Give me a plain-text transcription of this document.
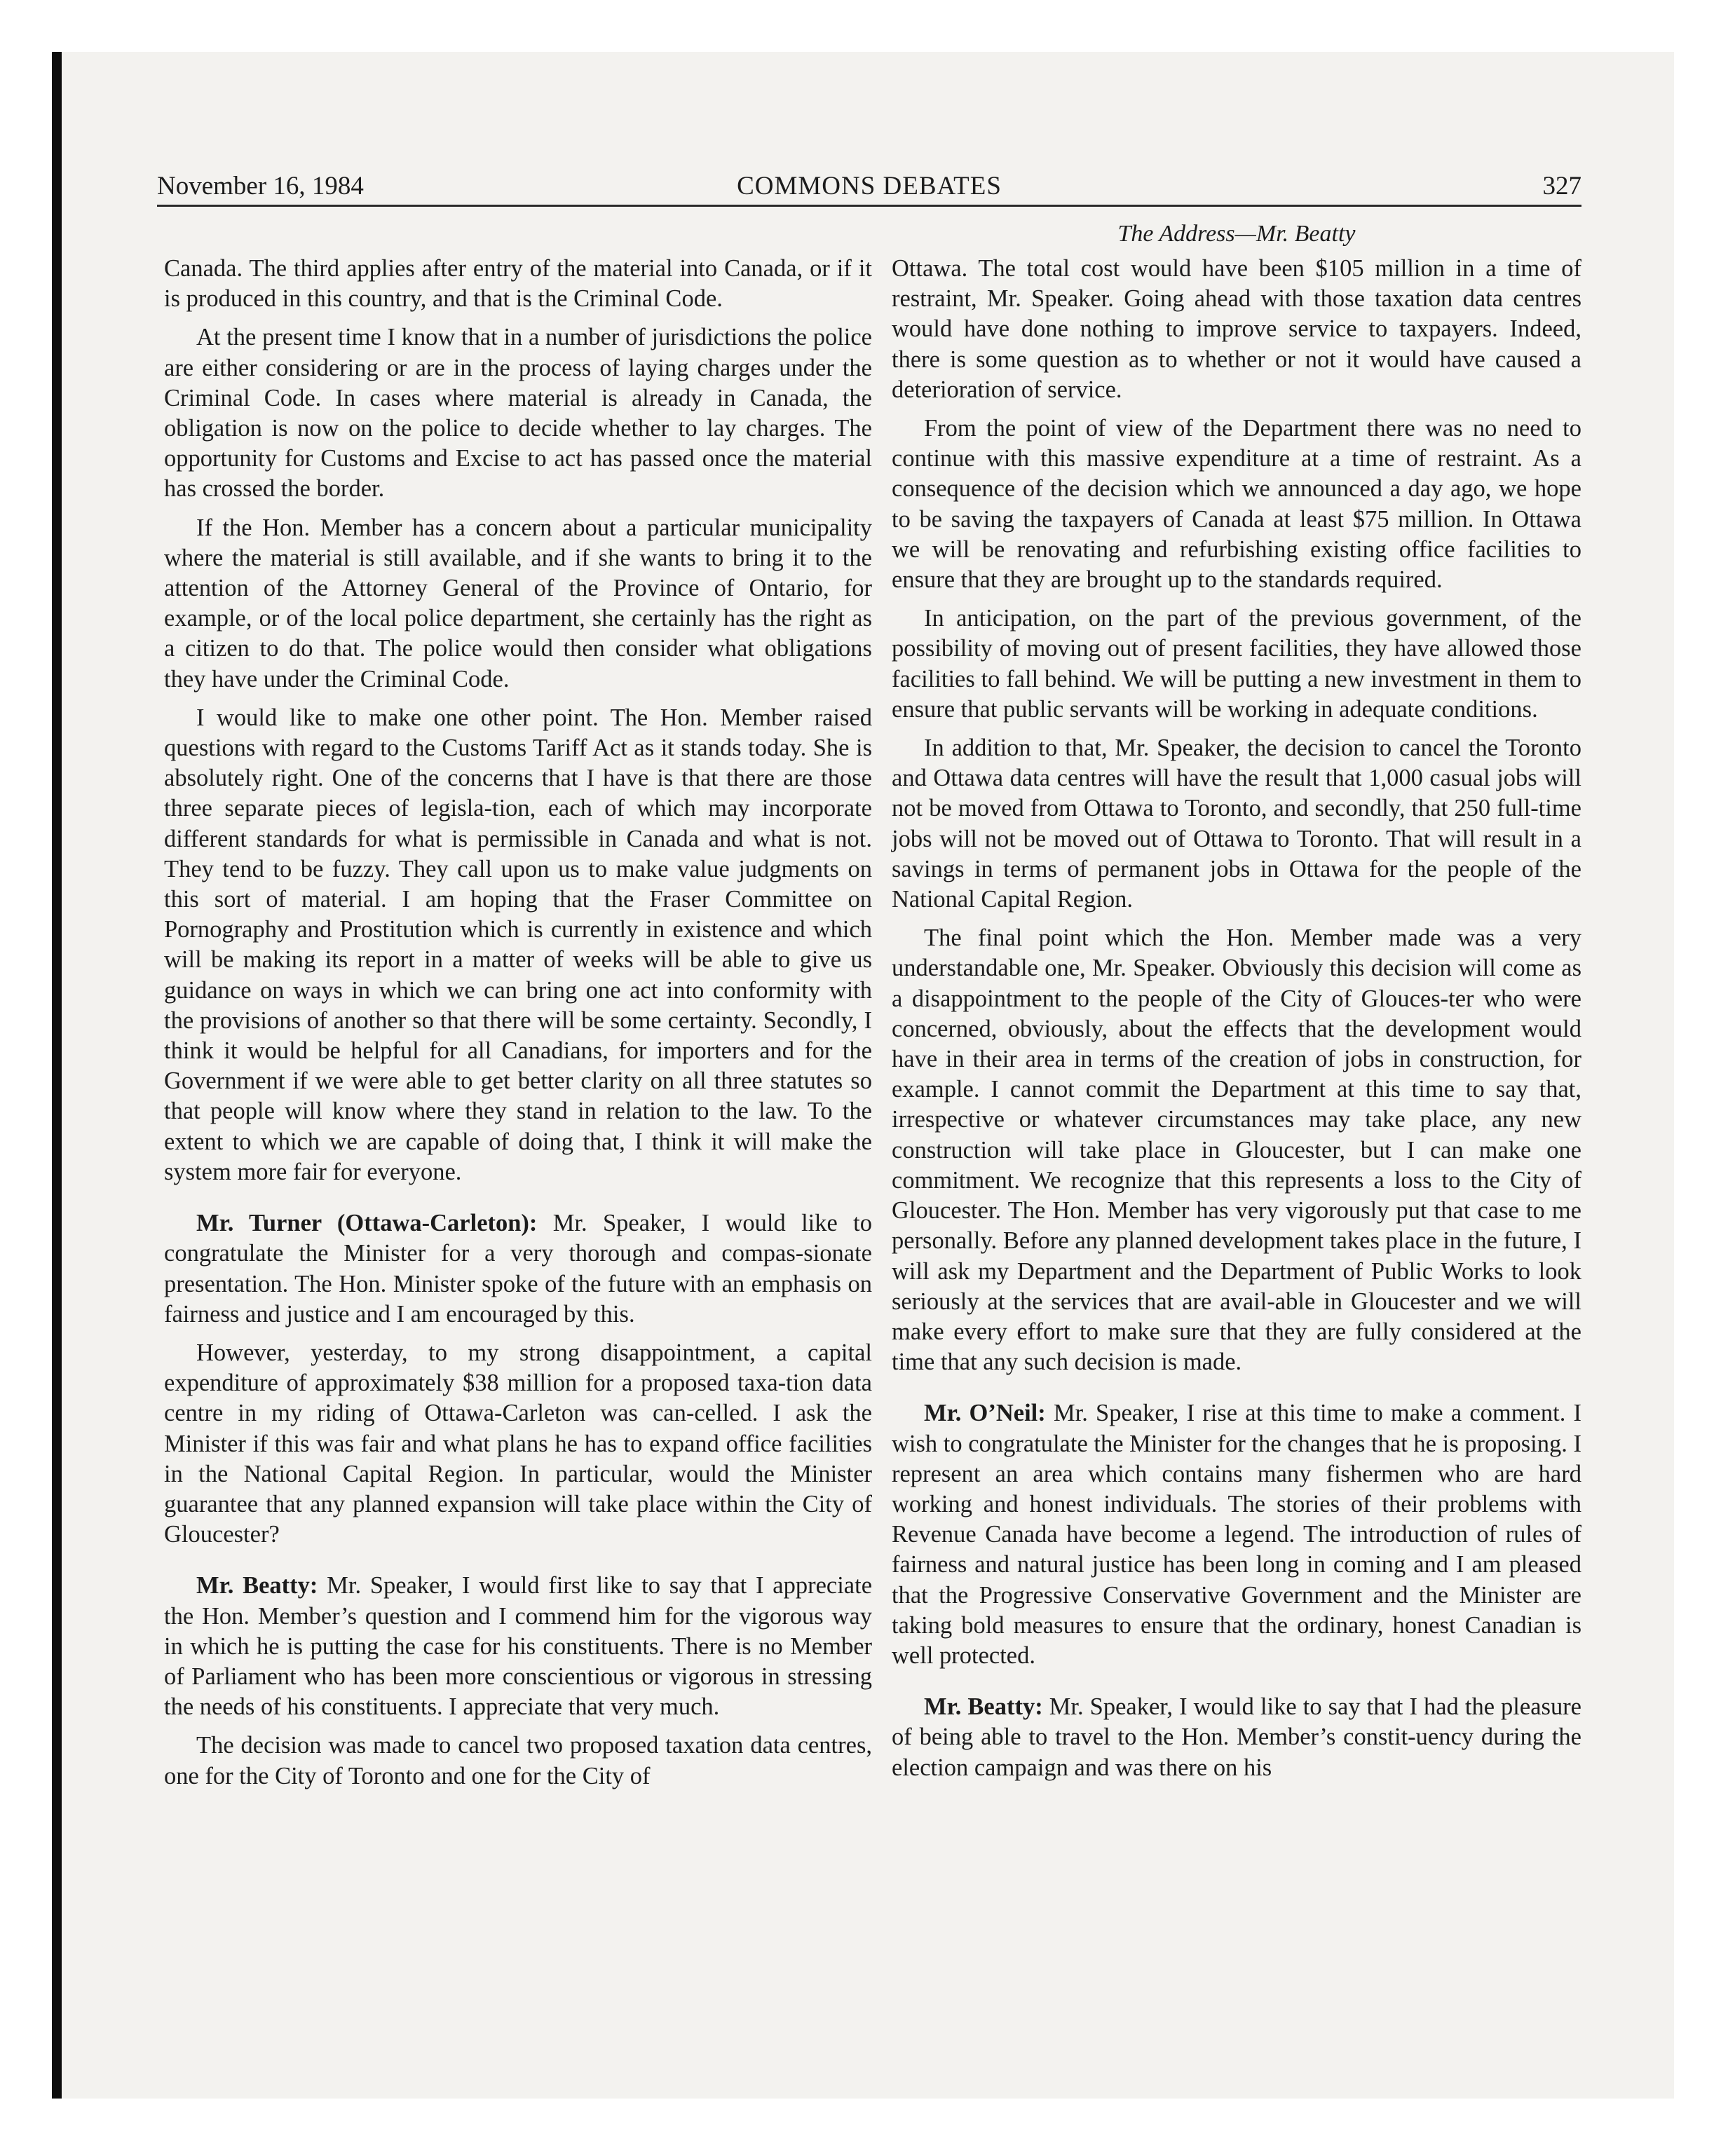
November 16, 1984	COMMONS DEBATES	327
The Address—Mr. Beatty

Canada. The third applies after entry of the material into Canada, or if it is produced in this country, and that is the Criminal Code.

At the present time I know that in a number of jurisdictions the police are either considering or are in the process of laying charges under the Criminal Code. In cases where material is already in Canada, the obligation is now on the police to decide whether to lay charges. The opportunity for Customs and Excise to act has passed once the material has crossed the border.

If the Hon. Member has a concern about a particular municipality where the material is still available, and if she wants to bring it to the attention of the Attorney General of the Province of Ontario, for example, or of the local police department, she certainly has the right as a citizen to do that. The police would then consider what obligations they have under the Criminal Code.

I would like to make one other point. The Hon. Member raised questions with regard to the Customs Tariff Act as it stands today. She is absolutely right. One of the concerns that I have is that there are those three separate pieces of legisla-tion, each of which may incorporate different standards for what is permissible in Canada and what is not. They tend to be fuzzy. They call upon us to make value judgments on this sort of material. I am hoping that the Fraser Committee on Pornography and Prostitution which is currently in existence and which will be making its report in a matter of weeks will be able to give us guidance on ways in which we can bring one act into conformity with the provisions of another so that there will be some certainty. Secondly, I think it would be helpful for all Canadians, for importers and for the Government if we were able to get better clarity on all three statutes so that people will know where they stand in relation to the law. To the extent to which we are capable of doing that, I think it will make the system more fair for everyone.

Mr. Turner (Ottawa-Carleton): Mr. Speaker, I would like to congratulate the Minister for a very thorough and compas-sionate presentation. The Hon. Minister spoke of the future with an emphasis on fairness and justice and I am encouraged by this.

However, yesterday, to my strong disappointment, a capital expenditure of approximately $38 million for a proposed taxa-tion data centre in my riding of Ottawa-Carleton was can-celled. I ask the Minister if this was fair and what plans he has to expand office facilities in the National Capital Region. In particular, would the Minister guarantee that any planned expansion will take place within the City of Gloucester?

Mr. Beatty: Mr. Speaker, I would first like to say that I appreciate the Hon. Member’s question and I commend him for the vigorous way in which he is putting the case for his constituents. There is no Member of Parliament who has been more conscientious or vigorous in stressing the needs of his constituents. I appreciate that very much.

The decision was made to cancel two proposed taxation data centres, one for the City of Toronto and one for the City of

Ottawa. The total cost would have been $105 million in a time of restraint, Mr. Speaker. Going ahead with those taxation data centres would have done nothing to improve service to taxpayers. Indeed, there is some question as to whether or not it would have caused a deterioration of service.

From the point of view of the Department there was no need to continue with this massive expenditure at a time of restraint. As a consequence of the decision which we announced a day ago, we hope to be saving the taxpayers of Canada at least $75 million. In Ottawa we will be renovating and refurbishing existing office facilities to ensure that they are brought up to the standards required.

In anticipation, on the part of the previous government, of the possibility of moving out of present facilities, they have allowed those facilities to fall behind. We will be putting a new investment in them to ensure that public servants will be working in adequate conditions.

In addition to that, Mr. Speaker, the decision to cancel the Toronto and Ottawa data centres will have the result that 1,000 casual jobs will not be moved from Ottawa to Toronto, and secondly, that 250 full-time jobs will not be moved out of Ottawa to Toronto. That will result in a savings in terms of permanent jobs in Ottawa for the people of the National Capital Region.

The final point which the Hon. Member made was a very understandable one, Mr. Speaker. Obviously this decision will come as a disappointment to the people of the City of Glouces-ter who were concerned, obviously, about the effects that the development would have in their area in terms of the creation of jobs in construction, for example. I cannot commit the Department at this time to say that, irrespective or whatever circumstances may take place, any new construction will take place in Gloucester, but I can make one commitment. We recognize that this represents a loss to the City of Gloucester. The Hon. Member has very vigorously put that case to me personally. Before any planned development takes place in the future, I will ask my Department and the Department of Public Works to look seriously at the services that are avail-able in Gloucester and we will make every effort to make sure that they are fully considered at the time that any such decision is made.

Mr. O’Neil: Mr. Speaker, I rise at this time to make a comment. I wish to congratulate the Minister for the changes that he is proposing. I represent an area which contains many fishermen who are hard working and honest individuals. The stories of their problems with Revenue Canada have become a legend. The introduction of rules of fairness and natural justice has been long in coming and I am pleased that the Progressive Conservative Government and the Minister are taking bold measures to ensure that the ordinary, honest Canadian is well protected.

Mr. Beatty: Mr. Speaker, I would like to say that I had the pleasure of being able to travel to the Hon. Member’s constit-uency during the election campaign and was there on his
